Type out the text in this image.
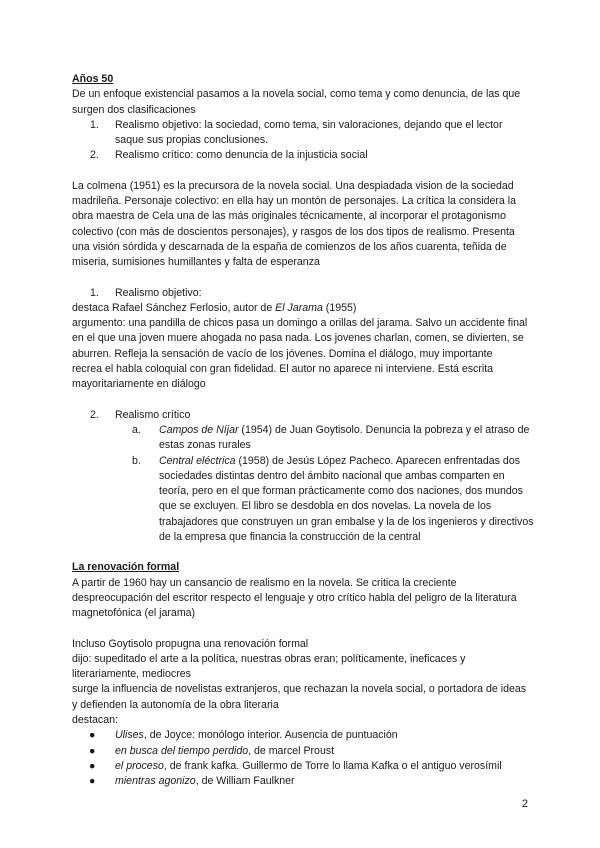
Años 50

De un enfoque existencial pasamos a la novela social, como tema y como denuncia, de las que surgen dos clasificaciones

1. Realismo objetivo: la sociedad, como tema, sin valoraciones, dejando que el lector saque sus propias conclusiones.
2. Realismo crítico: como denuncia de la injusticia social

La colmena (1951) es la precursora de la novela social. Una despiadada vision de la sociedad madrileña. Personaje colectivo: en ella hay un montón de personajes. La crítica la considera la obra maestra de Cela una de las más originales técnicamente, al incorporar el protagonismo colectivo (con más de doscientos personajes), y rasgos de los dos tipos de realismo. Presenta una visión sórdida y descarnada de la españa de comienzos de los años cuarenta, teñida de miseria, sumisiones humillantes y falta de esperanza

1. Realismo objetivo:

destaca Rafael Sánchez Ferlosio, autor de El Jarama (1955)

argumento: una pandilla de chicos pasa un domingo a orillas del jarama. Salvo un accidente final en el que una joven muere ahogada no pasa nada. Los jovenes charlan, comen, se divierten, se aburren. Refleja la sensación de vacío de los jóvenes. Domina el diálogo, muy importante

recrea el habla coloquial con gran fidelidad. El autor no aparece ni interviene. Está escrita mayoritariamente en diálogo

2. Realismo crítico
a. Campos de Níjar (1954) de Juan Goytisolo. Denuncia la pobreza y el atraso de estas zonas rurales
b. Central eléctrica (1958) de Jesús López Pacheco. Aparecen enfrentadas dos sociedades distintas dentro del ámbito nacional que ambas comparten en teoría, pero en el que forman prácticamente como dos naciones, dos mundos que se excluyen. El libro se desdobla en dos novelas. La novela de los trabajadores que construyen un gran embalse y la de los ingenieros y directivos de la empresa que financia la construcción de la central

La renovación formal

A partir de 1960 hay un cansancio de realismo en la novela. Se critica la creciente despreocupación del escritor respecto el lenguaje y otro crítico habla del peligro de la literatura magnetofónica (el jarama)

Incluso Goytisolo propugna una renovación formal

dijo: supeditado el arte a la política, nuestras obras eran; políticamente, ineficaces y literariamente, mediocres

surge la influencia de novelistas extranjeros, que rechazan la novela social, o portadora de ideas y defienden la autonomía de la obra literaria

destacan:

● Ulises, de Joyce: monólogo interior. Ausencia de puntuación
● en busca del tiempo perdido, de marcel Proust
● el proceso, de frank kafka. Guillermo de Torre lo llama Kafka o el antiguo verosímil
● mientras agonizo, de William Faulkner
2
